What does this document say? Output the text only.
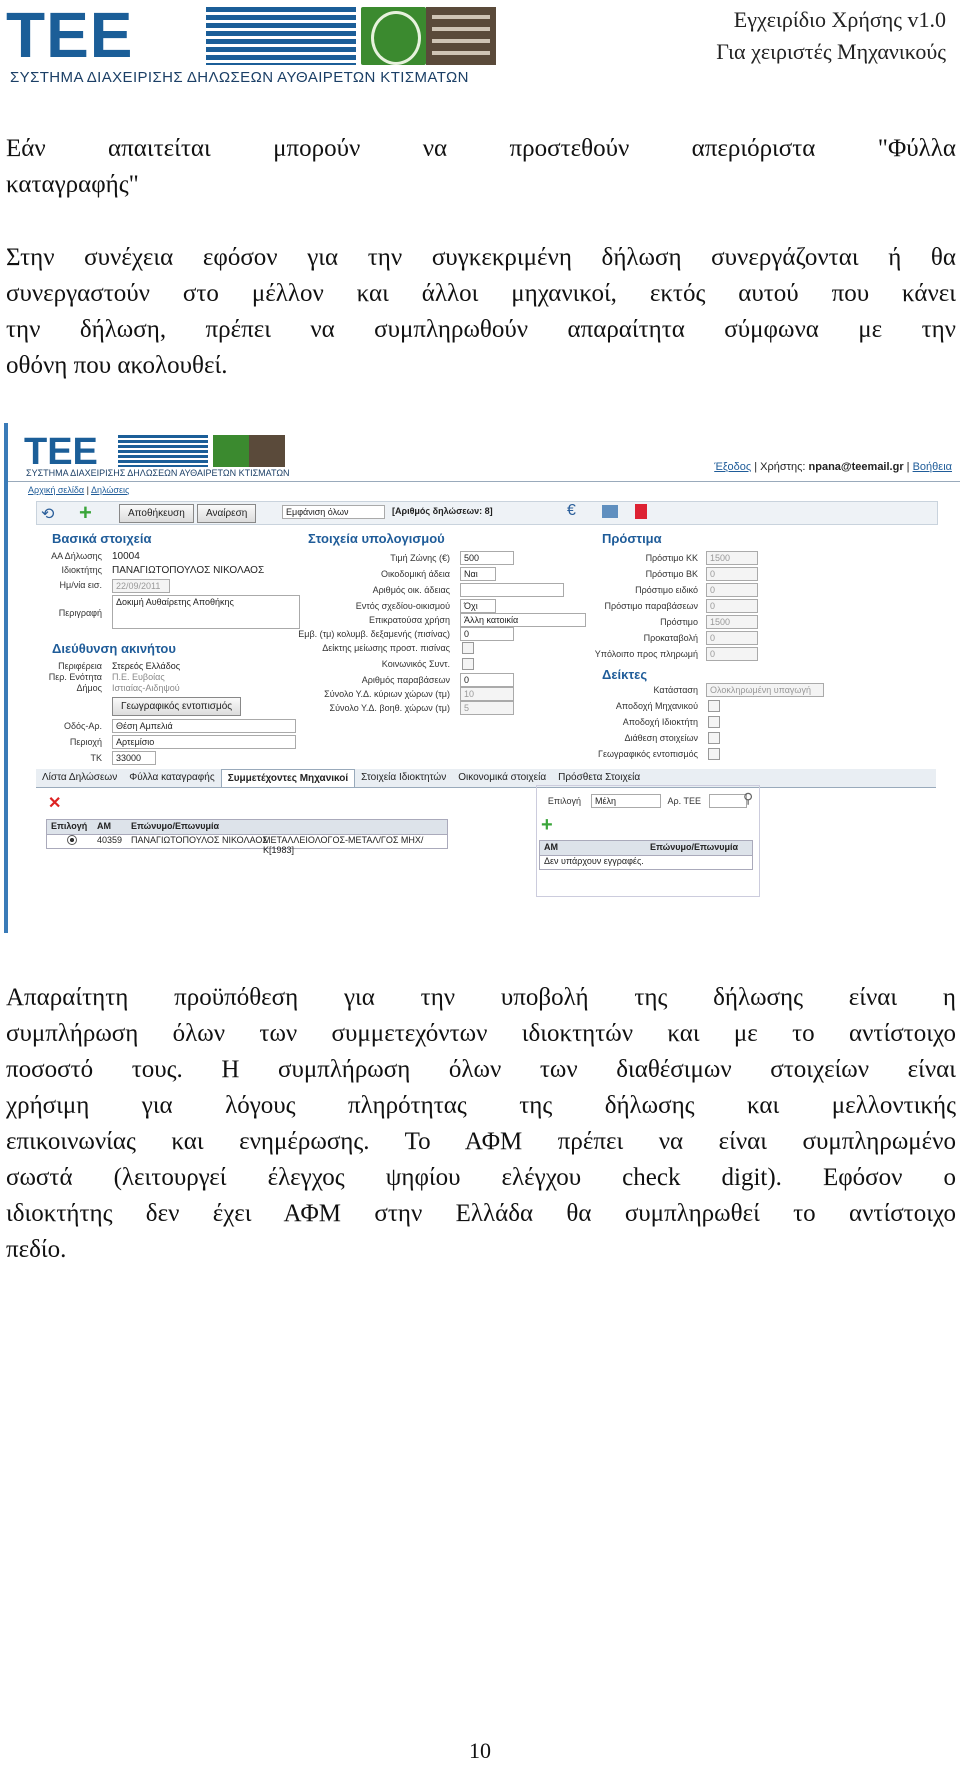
TEE
ΣΥΣΤΗΜΑ ΔΙΑΧΕΙΡΙΣΗΣ ΔΗΛΩΣΕΩΝ ΑΥΘΑΙΡΕΤΩΝ ΚΤΙΣΜΑΤΩΝ
Εγχειρίδιο Χρήσης v1.0
Για χειριστές Μηχανικούς
Εάν απαιτείται μπορούν να προστεθούν απεριόριστα "Φύλλα
καταγραφής"
Στην συνέχεια εφόσον για την συγκεκριμένη δήλωση συνεργάζονται ή θα
συνεργαστούν στο μέλλον και άλλοι μηχανικοί, εκτός αυτού που κάνει
την δήλωση, πρέπει να συμπληρωθούν απαραίτητα σύμφωνα με την
οθόνη που ακολουθεί.
TEE
ΣΥΣΤΗΜΑ ΔΙΑΧΕΙΡΙΣΗΣ ΔΗΛΩΣΕΩΝ ΑΥΘΑΙΡΕΤΩΝ ΚΤΙΣΜΑΤΩΝ	Έξοδος | Χρήστης: npana@teemail.gr | Βοήθεια
Αρχική σελίδα | Δηλώσεις
⟲ +	Αποθήκευση	Αναίρεση	Εμφάνιση όλων	[Αριθμός δηλώσεων: 8]	€
Βασικά στοιχεία
ΑΑ Δήλωσης 10004
Ιδιοκτήτης ΠΑΝΑΓΙΩΤΟΠΟΥΛΟΣ ΝΙΚΟΛΑΟΣ
Ημ/νία εισ.	22/09/2011
Δοκιμή Αυθαίρετης Αποθήκης
Περιγραφή
Διεύθυνση ακινήτου
Περιφέρεια Στερεός Ελλάδος
Περ. Ενότητα Π.Ε. Ευβοίας
Δήμος Ιστιαίας-Αιδηψού
Γεωγραφικός εντοπισμός
Οδός-Αρ.	Θέση Αμπελιά
Περιοχή	Αρτεμίσιο
ΤΚ	33000
Στοιχεία υπολογισμού
Τιμή Ζώνης (€)	500
Οικοδομική άδεια	Ναι
Αριθμός οικ. άδειας
Εντός σχεδίου-οικισμού	Όχι
Επικρατούσα χρήση	Άλλη κατοικία
Εμβ. (τμ) κολυμβ. δεξαμενής (πισίνας)	0
Δείκτης μείωσης προστ. πισίνας
Κοινωνικός Συντ.
Αριθμός παραβάσεων	0
Σύνολο Υ.Δ. κύριων χώρων (τμ)	10
Σύνολο Υ.Δ. βοηθ. χώρων (τμ)	5
Πρόστιμα
Πρόστιμο ΚΚ	1500
Πρόστιμο ΒΚ	0
Πρόστιμο ειδικό	0
Πρόστιμο παραβάσεων	0
Πρόστιμο	1500
Προκαταβολή	0
Υπόλοιπο προς πληρωμή	0
Δείκτες
Κατάσταση	Ολοκληρωμένη υπαγωγή
Αποδοχή Μηχανικού
Αποδοχή Ιδιοκτήτη
Διάθεση στοιχείων
Γεωγραφικός εντοπισμός
Λίστα Δηλώσεων	Φύλλα καταγραφής	Συμμετέχοντες Μηχανικοί	Στοιχεία Ιδιοκτητών	Οικονομικά στοιχεία	Πρόσθετα Στοιχεία
✕
Επιλογή ΑΜ Επώνυμο/Επωνυμία
40359 ΠΑΝΑΓΙΩΤΟΠΟΥΛΟΣ ΝΙΚΟΛΑΟΣ
ΜΕΤΑΛΛΕΙΟΛΟΓΟΣ-ΜΕΤΑΛ/ΓΟΣ ΜΗΧ/Κ[1983]
Επιλογή	Μέλη	Αρ. ΤΕΕ	⚲
+
ΑΜ	Επώνυμο/Επωνυμία
Δεν υπάρχουν εγγραφές.
Απαραίτητη προϋπόθεση για την υποβολή της δήλωσης είναι η
συμπλήρωση όλων των συμμετεχόντων ιδιοκτητών και με το αντίστοιχο
ποσοστό τους. Η συμπλήρωση όλων των διαθέσιμων στοιχείων είναι
χρήσιμη για λόγους πληρότητας της δήλωσης και μελλοντικής
επικοινωνίας και ενημέρωσης. Το ΑΦΜ πρέπει να είναι συμπληρωμένο
σωστά (λειτουργεί έλεγχος ψηφίου ελέγχου check digit). Εφόσον ο
ιδιοκτήτης δεν έχει ΑΦΜ στην Ελλάδα θα συμπληρωθεί το αντίστοιχο
πεδίο.
10
